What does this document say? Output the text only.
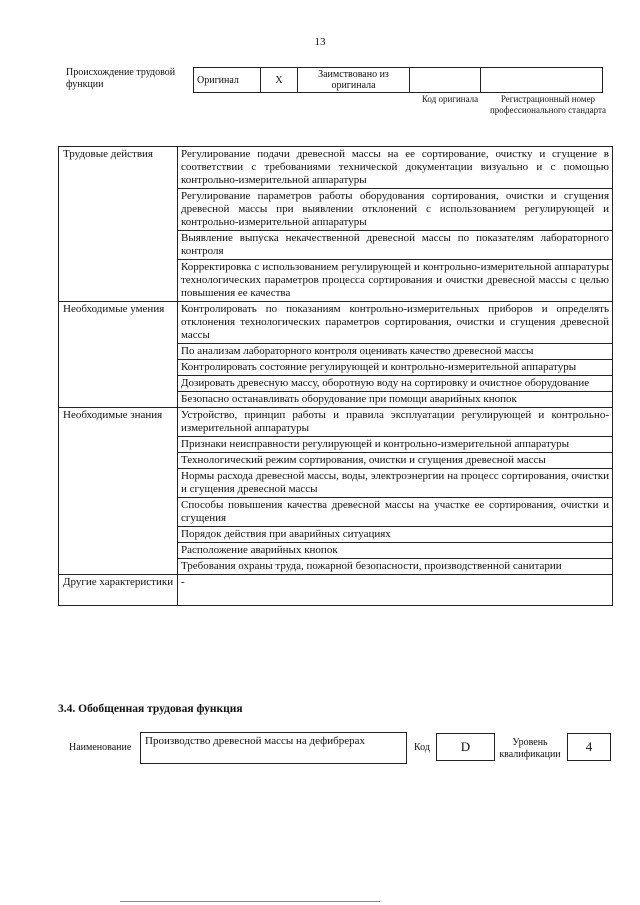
13
Происхождение трудовой функции	Оригинал	X	Заимствовано из оригинала		
Код оригинала	Регистрационный номер профессионального стандарта
Трудовые действия	Регулирование подачи древесной массы на ее сортирование, очистку и сгущение в соответствии с требованиями технической документации визуально и с помощью контрольно-измерительной аппаратуры
	Регулирование параметров работы оборудования сортирования, очистки и сгущения древесной массы при выявлении отклонений с использованием регулирующей и контрольно-измерительной аппаратуры
	Выявление выпуска некачественной древесной массы по показателям лабораторного контроля
	Корректировка с использованием регулирующей и контрольно-измерительной аппаратуры технологических параметров процесса сортирования и очистки древесной массы с целью повышения ее качества
Необходимые умения	Контролировать по показаниям контрольно-измерительных приборов и определять отклонения технологических параметров сортирования, очистки и сгущения древесной массы
	По анализам лабораторного контроля оценивать качество древесной массы
	Контролировать состояние регулирующей и контрольно-измерительной аппаратуры
	Дозировать древесную массу, оборотную воду на сортировку и очистное оборудование
	Безопасно останавливать оборудование при помощи аварийных кнопок
Необходимые знания	Устройство, принцип работы и правила эксплуатации регулирующей и контрольно-измерительной аппаратуры
	Признаки неисправности регулирующей и контрольно-измерительной аппаратуры
	Технологический режим сортирования, очистки и сгущения древесной массы
	Нормы расхода древесной массы, воды, электроэнергии на процесс сортирования, очистки и сгущения древесной массы
	Способы повышения качества древесной массы на участке ее сортирования, очистки и сгущения
	Порядок действия при аварийных ситуациях
	Расположение аварийных кнопок
	Требования охраны труда, пожарной безопасности, производственной санитарии
Другие характеристики	-
3.4. Обобщенная трудовая функция
Наименование
Производство древесной массы на дефибрерах
Код	D	Уровень квалификации
4
